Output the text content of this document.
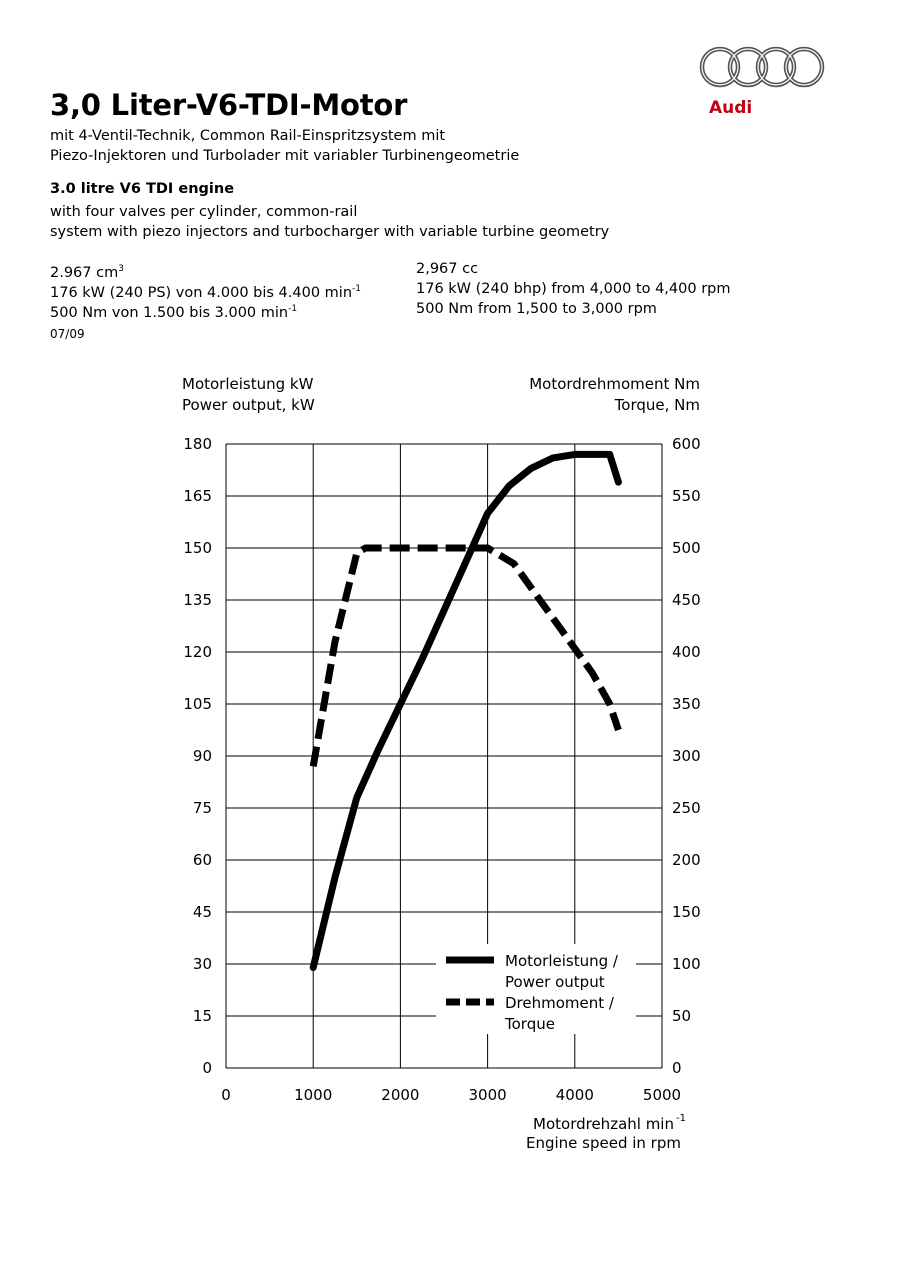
3,0 Liter-V6-TDI-Motor
mit 4-Ventil-Technik, Common Rail-Einspritzsystem mit
Piezo-Injektoren und Turbolader mit variabler Turbinengeometrie
3.0 litre V6 TDI engine
with four valves per cylinder, common-rail
system with piezo injectors and turbocharger with variable turbine geometry
2.967 $cm^3$
176 kW (240 PS) von 4.000 bis 4.400 $\min^{-1}$
500 Nm von 1.500 bis 3.000 $\min^{-1}$
2,967 cc
176 kW (240 bhp) from 4,000 to 4,400 rpm
500 Nm from 1,500 to 3,000 rpm
07/09
Audi
0
15
30
45
60
75
90
105
120
135
150
165
180
0
50
100
150
200
250
300
350
400
450
500
550
600
0	1000	2000	3000	4000	5000
Motorleistung kW
Power output, kW
Motordrehmoment Nm
Torque, Nm
Motordrehzahl min -1
Engine speed in rpm
Motorleistung /
Power output
Drehmoment /
Torque
